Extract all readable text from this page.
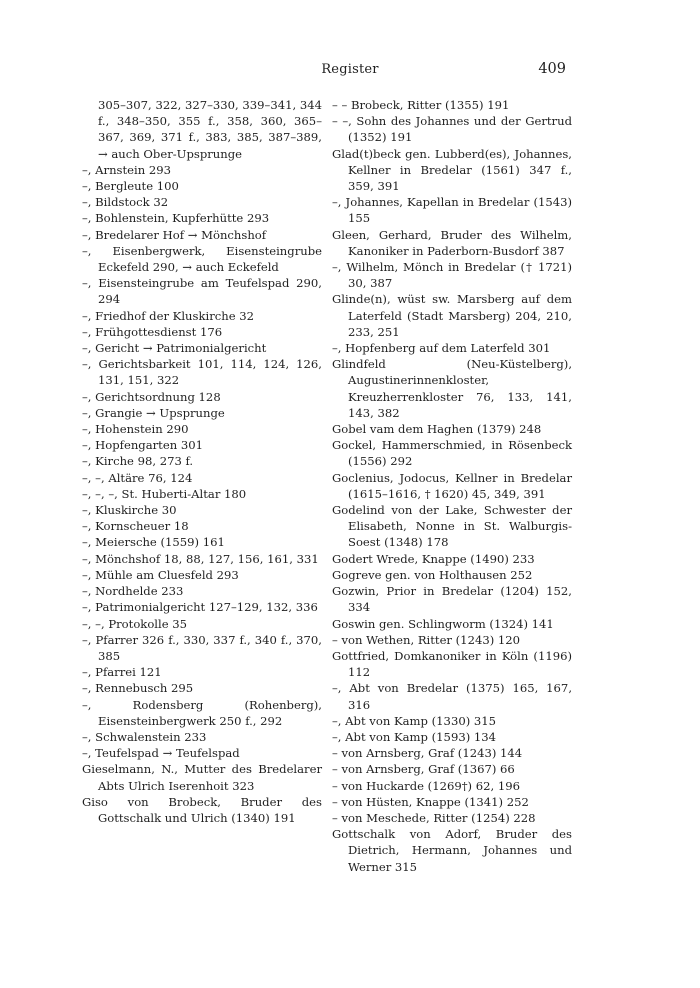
Register	409

305–307, 322, 327–330, 339–341, 344 f., 348–350, 355 f., 358, 360, 365–367, 369, 371 f., 383, 385, 387–389, → auch Ober-Upsprunge

–, Arnstein 293

–, Bergleute 100

–, Bildstock 32

–, Bohlenstein, Kupferhütte 293

–, Bredelarer Hof → Mönchshof

–, Eisenbergwerk, Eisensteingrube Eckefeld 290, → auch Eckefeld

–, Eisensteingrube am Teufelspad 290, 294

–, Friedhof der Kluskirche 32

–, Frühgottesdienst 176

–, Gericht → Patrimonialgericht

–, Gerichtsbarkeit 101, 114, 124, 126, 131, 151, 322

–, Gerichtsordnung 128

–, Grangie → Upsprunge

–, Hohenstein 290

–, Hopfengarten 301

–, Kirche 98, 273 f.

–, –, Altäre 76, 124

–, –, –, St. Huberti-Altar 180

–, Kluskirche 30

–, Kornscheuer 18

–, Meiersche (1559) 161

–, Mönchshof 18, 88, 127, 156, 161, 331

–, Mühle am Cluesfeld 293

–, Nordhelde 233

–, Patrimonialgericht 127–129, 132, 336

–, –, Protokolle 35

–, Pfarrer 326 f., 330, 337 f., 340 f., 370, 385

–, Pfarrei 121

–, Rennebusch 295

–, Rodensberg (Rohenberg), Eisensteinbergwerk 250 f., 292

–, Schwalenstein 233

–, Teufelspad → Teufelspad

Gieselmann, N., Mutter des Bredelarer Abts Ulrich Iserenhoit 323

Giso von Brobeck, Bruder des Gottschalk und Ulrich (1340) 191

– – Brobeck, Ritter (1355) 191

– –, Sohn des Johannes und der Gertrud (1352) 191

Glad(t)beck gen. Lubberd(es), Johannes, Kellner in Bredelar (1561) 347 f., 359, 391

–, Johannes, Kapellan in Bredelar (1543) 155

Gleen, Gerhard, Bruder des Wilhelm, Kanoniker in Paderborn-Busdorf 387

–, Wilhelm, Mönch in Bredelar († 1721) 30, 387

Glinde(n), wüst sw. Marsberg auf dem Laterfeld (Stadt Marsberg) 204, 210, 233, 251

–, Hopfenberg auf dem Laterfeld 301

Glindfeld (Neu-Küstelberg), Augustinerinnenkloster, Kreuzherrenkloster 76, 133, 141, 143, 382

Gobel vam dem Haghen (1379) 248

Gockel, Hammerschmied, in Rösenbeck (1556) 292

Goclenius, Jodocus, Kellner in Bredelar (1615–1616, † 1620) 45, 349, 391

Godelind von der Lake, Schwester der Elisabeth, Nonne in St. Walburgis-Soest (1348) 178

Godert Wrede, Knappe (1490) 233

Gogreve gen. von Holthausen 252

Gozwin, Prior in Bredelar (1204) 152, 334

Goswin gen. Schlingworm (1324) 141

– von Wethen, Ritter (1243) 120

Gottfried, Domkanoniker in Köln (1196) 112

–, Abt von Bredelar (1375) 165, 167, 316

–, Abt von Kamp (1330) 315

–, Abt von Kamp (1593) 134

– von Arnsberg, Graf (1243) 144

– von Arnsberg, Graf (1367) 66

– von Huckarde (1269†) 62, 196

– von Hüsten, Knappe (1341) 252

– von Meschede, Ritter (1254) 228

Gottschalk von Adorf, Bruder des Dietrich, Hermann, Johannes und Werner 315
